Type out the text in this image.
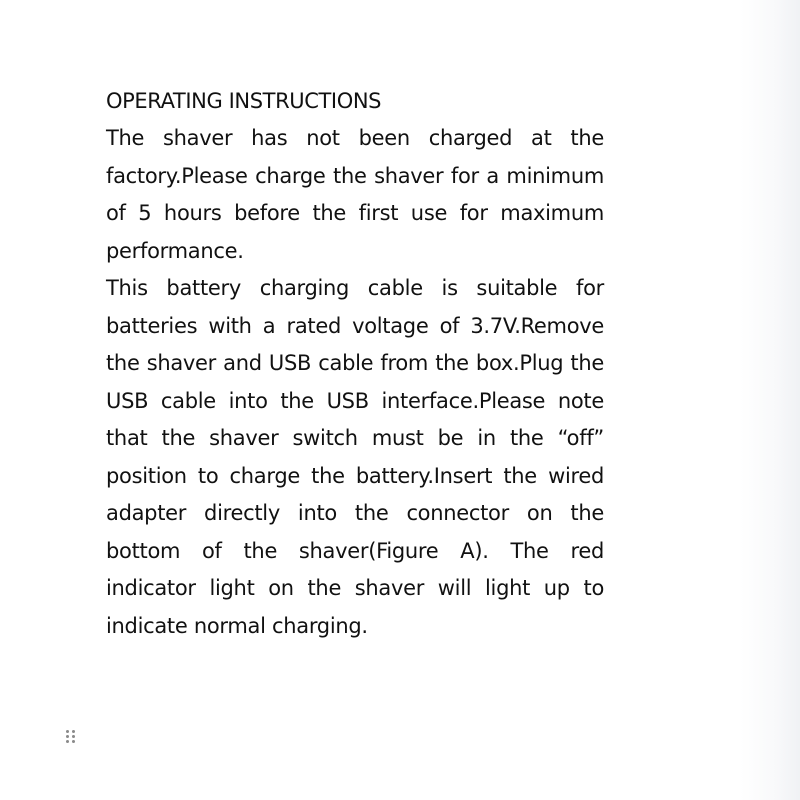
OPERATING INSTRUCTIONS

The shaver has not been charged at the factory.Please charge the shaver for a minimum of 5 hours before the first use for maximum performance.

This battery charging cable is suitable for batteries with a rated voltage of 3.7V.Remove the shaver and USB cable from the box.Plug the USB cable into the USB interface.Please note that the shaver switch must be in the “off” position to charge the battery.Insert the wired adapter directly into the connector on the bottom of the shaver(Figure A). The red indicator light on the shaver will light up to indicate normal charging.
